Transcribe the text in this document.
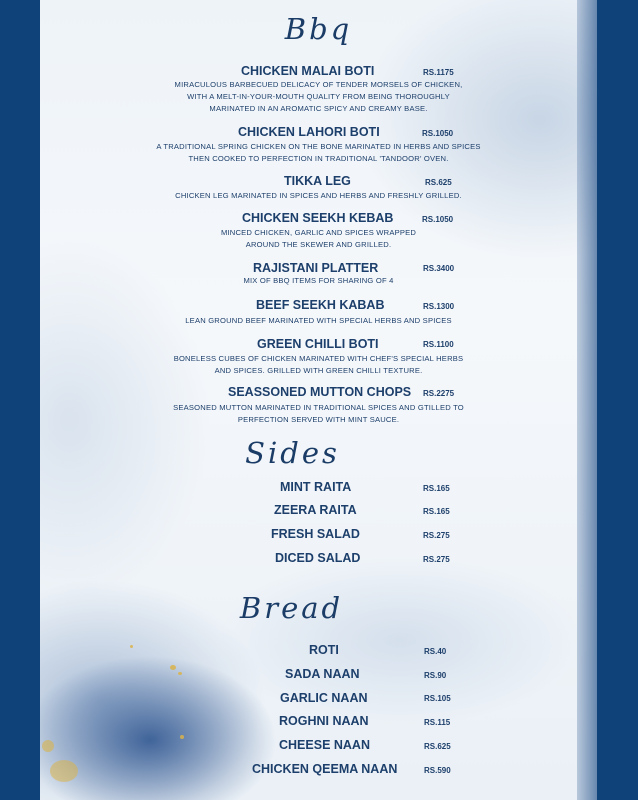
Bbq
CHICKEN MALAI BOTI	RS.1175
MIRACULOUS BARBECUED DELICACY OF TENDER MORSELS OF CHICKEN,
WITH A MELT-IN-YOUR-MOUTH QUALITY FROM BEING THOROUGHLY
MARINATED IN AN AROMATIC SPICY AND CREAMY BASE.
CHICKEN LAHORI BOTI	RS.1050
A TRADITIONAL SPRING CHICKEN ON THE BONE MARINATED IN HERBS AND SPICES
THEN COOKED TO PERFECTION IN TRADITIONAL 'TANDOOR' OVEN.
TIKKA LEG	RS.625
CHICKEN LEG MARINATED IN SPICES AND HERBS AND FRESHLY GRILLED.
CHICKEN SEEKH KEBAB	RS.1050
MINCED CHICKEN, GARLIC AND SPICES WRAPPED
AROUND THE SKEWER AND GRILLED.
RAJISTANI PLATTER	RS.3400
MIX OF BBQ ITEMS FOR SHARING OF 4
BEEF SEEKH KABAB	RS.1300
LEAN GROUND BEEF MARINATED WITH SPECIAL HERBS AND SPICES
GREEN CHILLI BOTI	RS.1100
BONELESS CUBES OF CHICKEN MARINATED WITH CHEF'S SPECIAL HERBS
AND SPICES. GRILLED WITH GREEN CHILLI TEXTURE.
SEASSONED MUTTON CHOPS RS.2275
SEASONED MUTTON MARINATED IN TRADITIONAL SPICES AND GTILLED TO
PERFECTION SERVED WITH MINT SAUCE.
Sides
MINT RAITA	RS.165
ZEERA RAITA	RS.165
FRESH SALAD	RS.275
DICED SALAD	RS.275
Bread
ROTI	RS.40
SADA NAAN	RS.90
GARLIC NAAN	RS.105
ROGHNI NAAN	RS.115
CHEESE NAAN	RS.625
CHICKEN QEEMA NAAN	RS.590
